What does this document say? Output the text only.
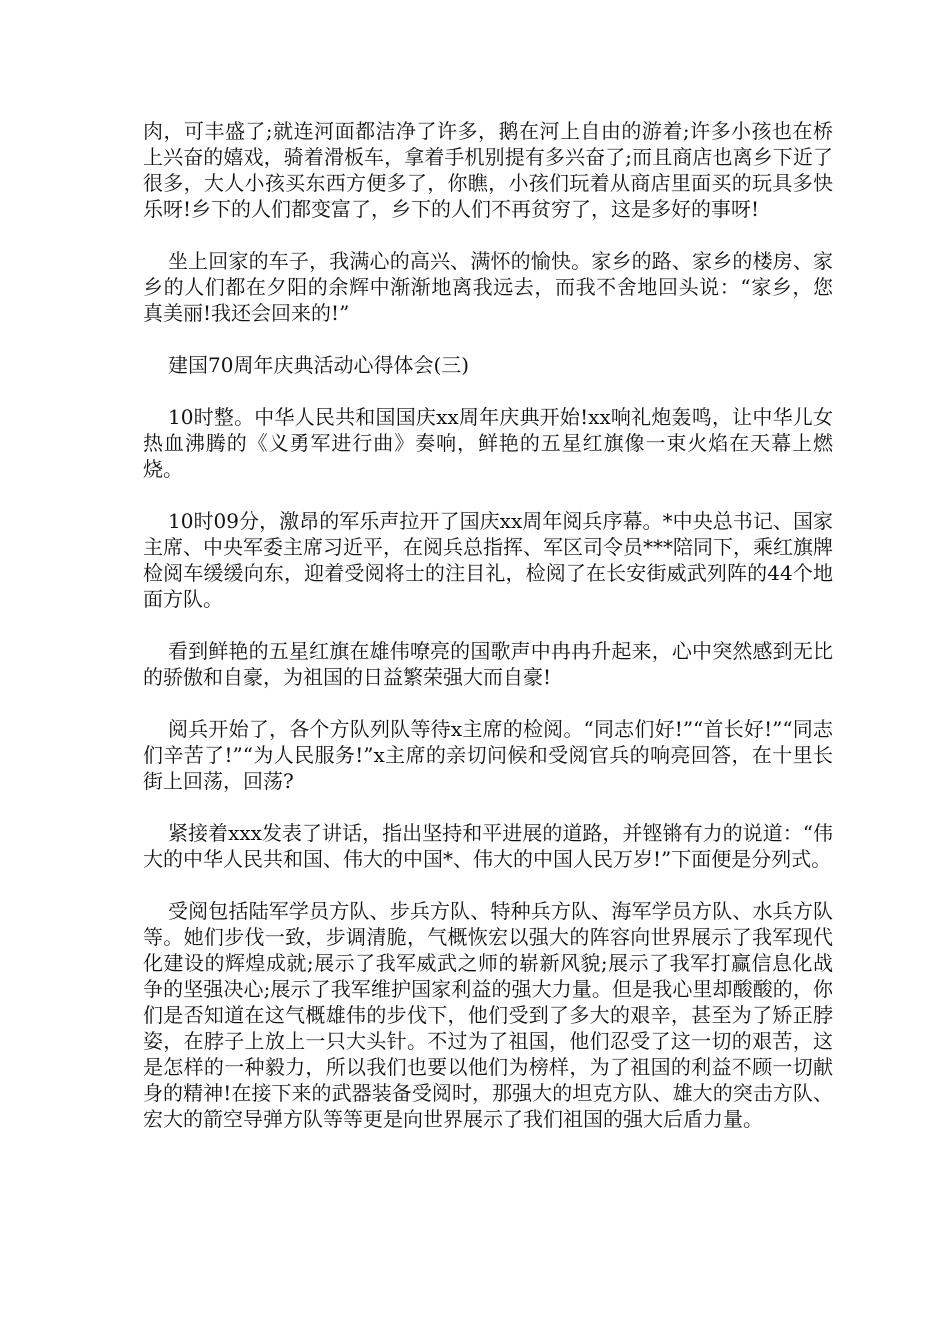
肉，可丰盛了;就连河面都洁净了许多，鹅在河上自由的游着;许多小孩也在桥上兴奋的嬉戏，骑着滑板车，拿着手机别提有多兴奋了;而且商店也离乡下近了很多，大人小孩买东西方便多了，你瞧，小孩们玩着从商店里面买的玩具多快乐呀!乡下的人们都变富了，乡下的人们不再贫穷了，这是多好的事呀!

坐上回家的车子，我满心的高兴、满怀的愉快。家乡的路、家乡的楼房、家乡的人们都在夕阳的余辉中渐渐地离我远去，而我不舍地回头说：“家乡，您真美丽!我还会回来的!”

建国70周年庆典活动心得体会(三)

10时整。中华人民共和国国庆xx周年庆典开始!xx响礼炮轰鸣，让中华儿女热血沸腾的《义勇军进行曲》奏响，鲜艳的五星红旗像一束火焰在天幕上燃烧。

10时09分，激昂的军乐声拉开了国庆xx周年阅兵序幕。*中央总书记、国家主席、中央军委主席习近平，在阅兵总指挥、军区司令员***陪同下，乘红旗牌检阅车缓缓向东，迎着受阅将士的注目礼，检阅了在长安街威武列阵的44个地面方队。

看到鲜艳的五星红旗在雄伟嘹亮的国歌声中冉冉升起来，心中突然感到无比的骄傲和自豪，为祖国的日益繁荣强大而自豪!

阅兵开始了，各个方队列队等待x主席的检阅。“同志们好!”“首长好!”“同志们辛苦了!”“为人民服务!”x主席的亲切问候和受阅官兵的响亮回答，在十里长街上回荡，回荡?

紧接着xxx发表了讲话，指出坚持和平进展的道路，并铿锵有力的说道：“伟大的中华人民共和国、伟大的中国*、伟大的中国人民万岁!”下面便是分列式。

受阅包括陆军学员方队、步兵方队、特种兵方队、海军学员方队、水兵方队等。她们步伐一致，步调清脆，气概恢宏以强大的阵容向世界展示了我军现代化建设的辉煌成就;展示了我军威武之师的崭新风貌;展示了我军打赢信息化战争的坚强决心;展示了我军维护国家利益的强大力量。但是我心里却酸酸的，你们是否知道在这气概雄伟的步伐下，他们受到了多大的艰辛，甚至为了矫正脖姿，在脖子上放上一只大头针。不过为了祖国，他们忍受了这一切的艰苦，这是怎样的一种毅力，所以我们也要以他们为榜样，为了祖国的利益不顾一切献身的精神!在接下来的武器装备受阅时，那强大的坦克方队、雄大的突击方队、宏大的箭空导弹方队等等更是向世界展示了我们祖国的强大后盾力量。
